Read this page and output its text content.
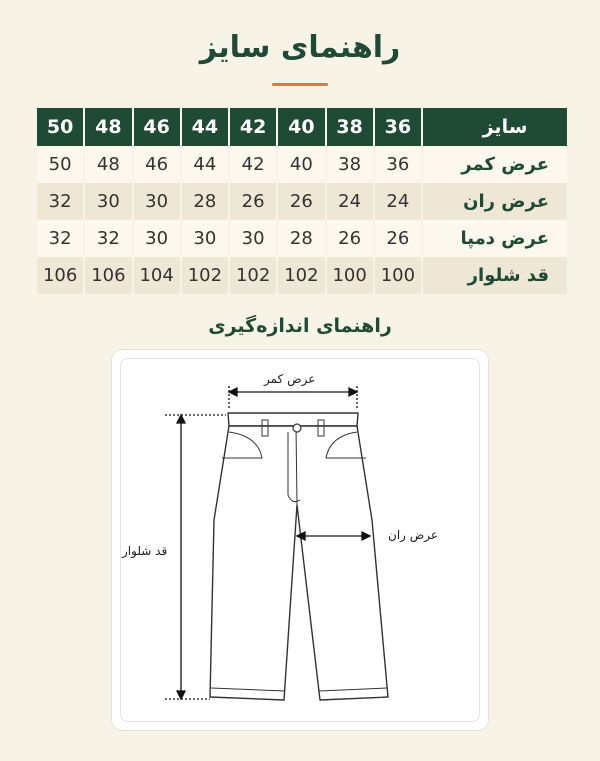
راهنمای سایز
سایز	36	38	40	42	44	46	48	50
عرض کمر	36	38	40	42	44	46	48	50
عرض ران	24	24	26	26	28	30	30	32
عرض دمپا	26	26	28	30	30	30	32	32
قد شلوار	100	100	102	102	102	104	106	106
راهنمای اندازه‌گیری
عرض کمر
عرض ران
قد شلوار
